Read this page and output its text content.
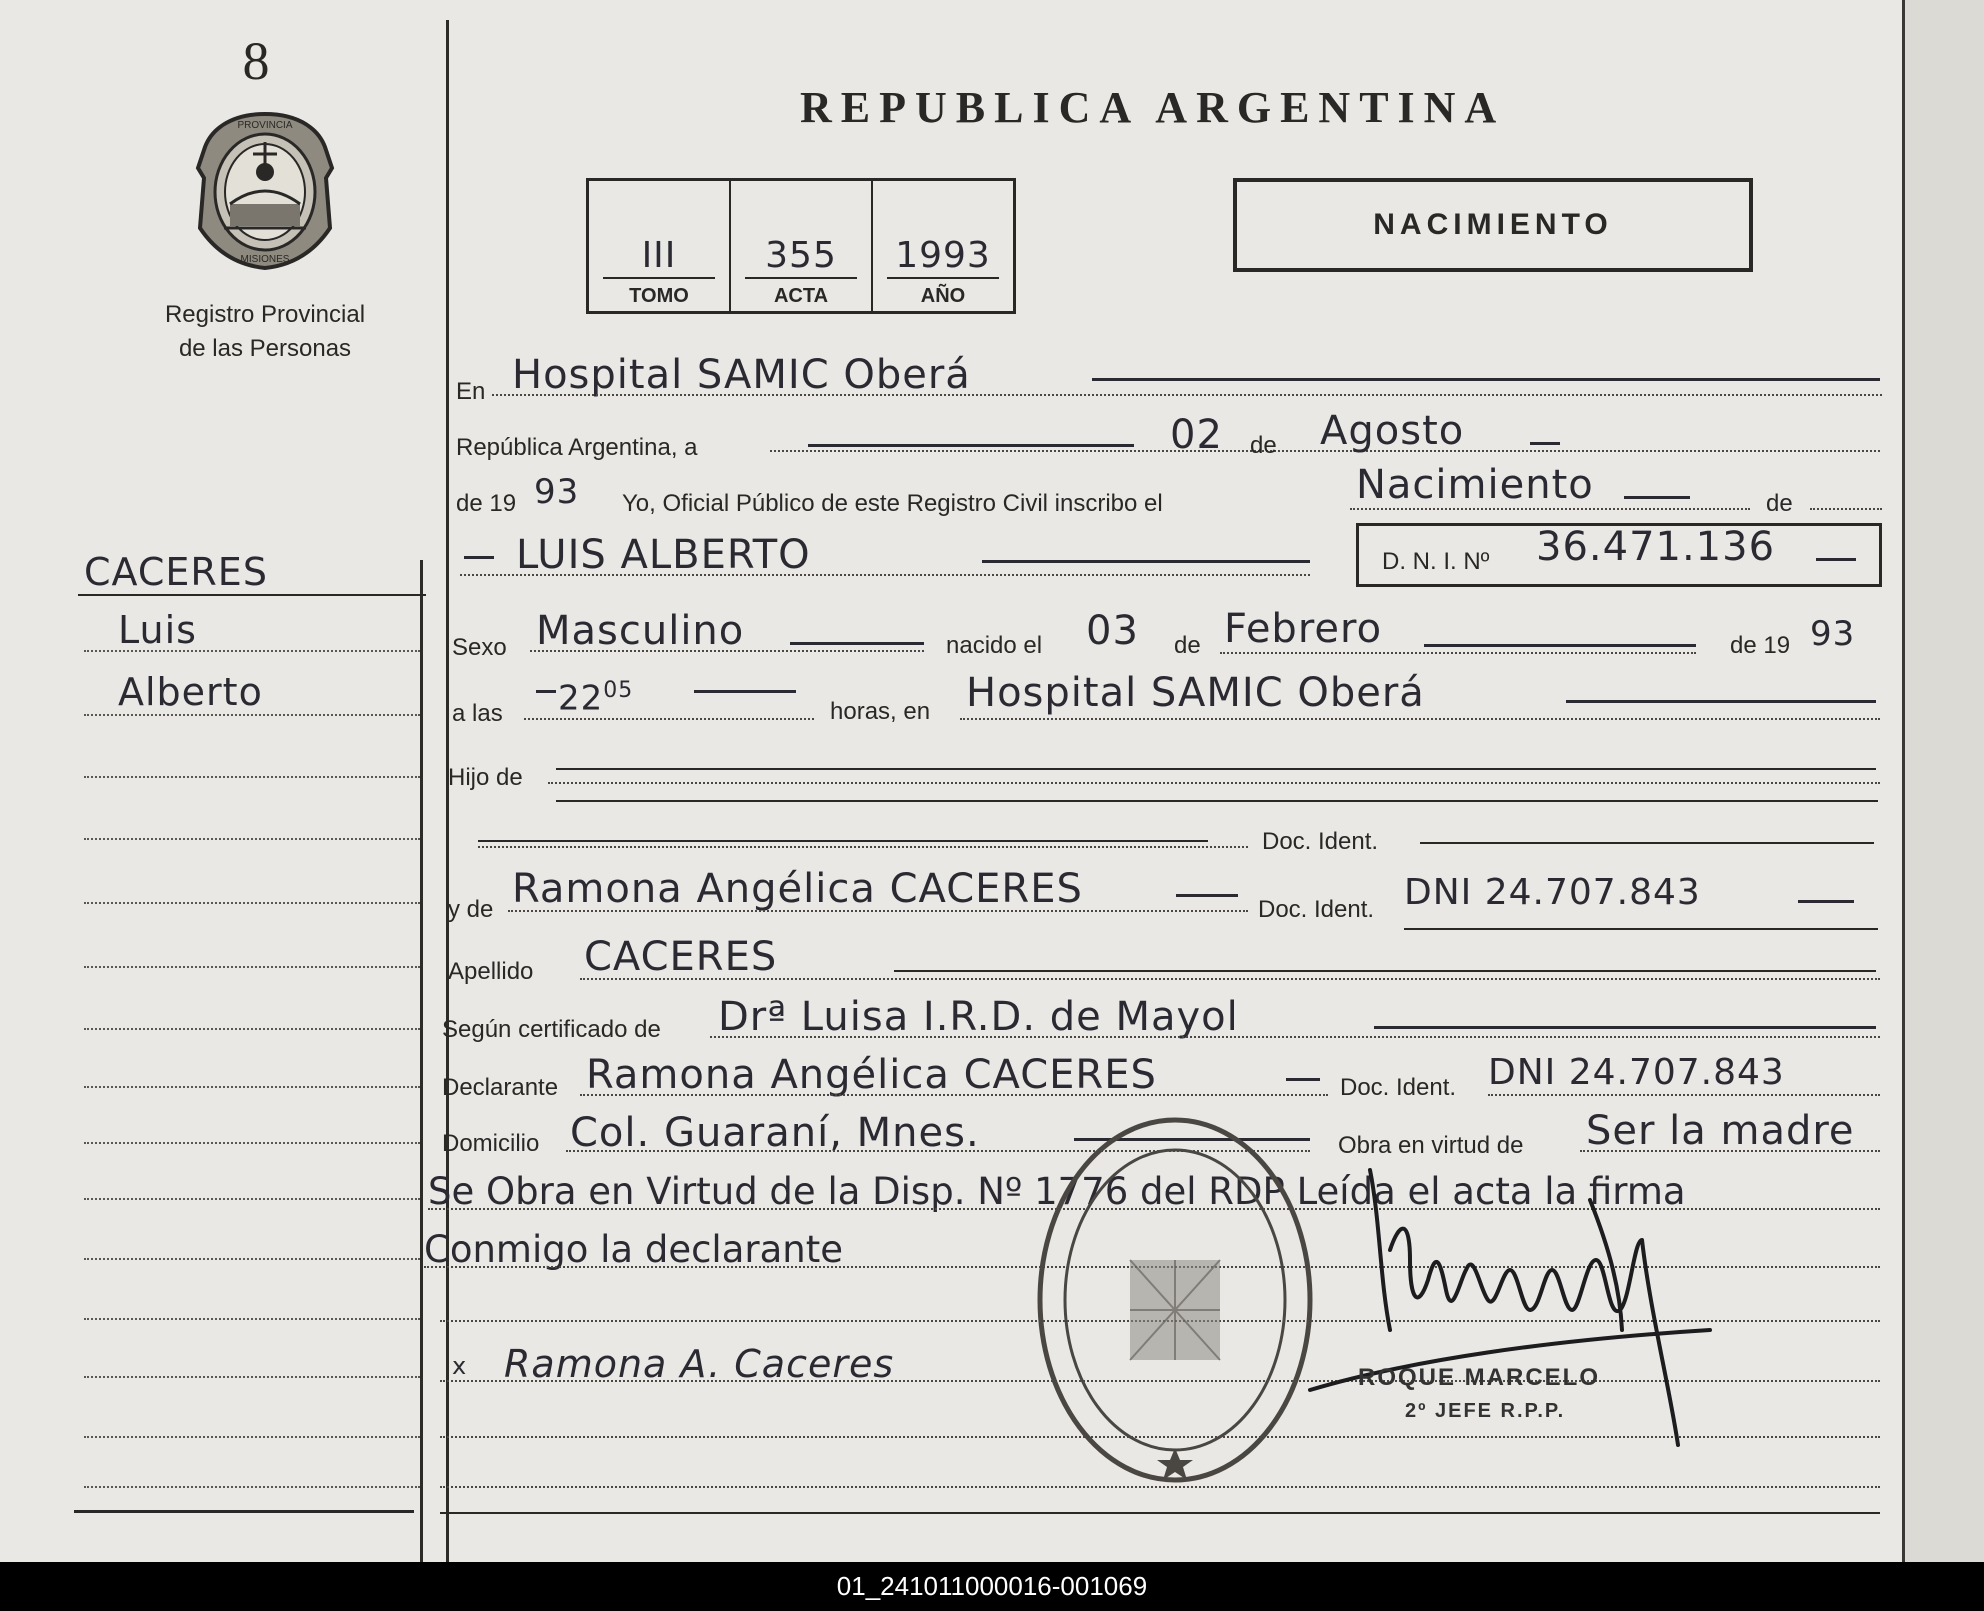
8
PROVINCIA
MISIONES
Registro Provincial
de las Personas
CACERES
Luis
Alberto
REPUBLICA ARGENTINA
III
TOMO
355
ACTA
1993
AÑO
NACIMIENTO
En Hospital SAMIC Oberá
República Argentina, a	02 de Agosto
de 19 93 Yo, Oficial Público de este Registro Civil inscribo el	Nacimiento	de
LUIS ALBERTO	D. N. I. Nº 36.471.136
Sexo Masculino	nacido el 03 de Febrero	de 19 93
a las $22^{05}$
horas, en Hospital SAMIC Oberá
Hijo de
Doc. Ident.
y de Ramona Angélica CACERES	Doc. Ident. DNI 24.707.843
Apellido CACERES
Según certificado de Drª Luisa I.R.D. de Mayol
Declarante Ramona Angélica CACERES	Doc. Ident. DNI 24.707.843
Domicilio Col. Guaraní, Mnes.	Obra en virtud de Ser la madre
Se Obra en Virtud de la Disp. Nº 1776 del RDP Leída el acta la firma
Conmigo la declarante
x Ramona A. Caceres	ROQUE MARCELO
2º JEFE R.P.P.
01_241011000016-001069
